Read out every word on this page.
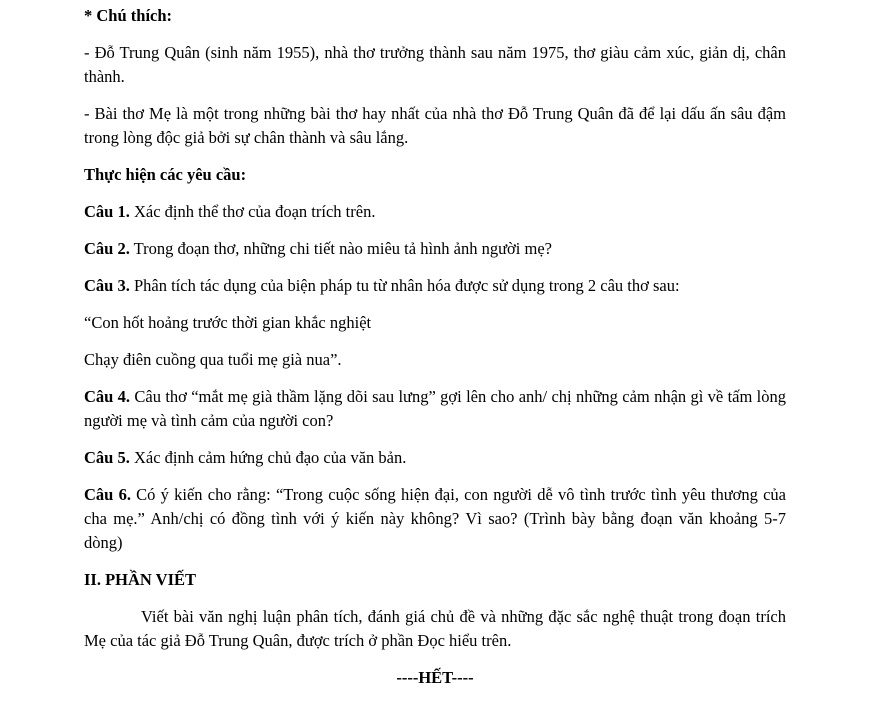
* Chú thích:

- Đỗ Trung Quân (sinh năm 1955), nhà thơ trưởng thành sau năm 1975, thơ giàu cảm xúc, giản dị, chân thành.

- Bài thơ Mẹ là một trong những bài thơ hay nhất của nhà thơ Đỗ Trung Quân đã để lại dấu ấn sâu đậm trong lòng độc giả bởi sự chân thành và sâu lắng.

Thực hiện các yêu cầu:

Câu 1. Xác định thể thơ của đoạn trích trên.

Câu 2. Trong đoạn thơ, những chi tiết nào miêu tả hình ảnh người mẹ?

Câu 3. Phân tích tác dụng của biện pháp tu từ nhân hóa được sử dụng trong 2 câu thơ sau:

“Con hốt hoảng trước thời gian khắc nghiệt

Chạy điên cuồng qua tuổi mẹ già nua”.

Câu 4. Câu thơ “mắt mẹ già thầm lặng dõi sau lưng” gợi lên cho anh/ chị những cảm nhận gì về tấm lòng người mẹ và tình cảm của người con?

Câu 5. Xác định cảm hứng chủ đạo của văn bản.

Câu 6. Có ý kiến cho rằng: “Trong cuộc sống hiện đại, con người dễ vô tình trước tình yêu thương của cha mẹ.” Anh/chị có đồng tình với ý kiến này không? Vì sao? (Trình bày bằng đoạn văn khoảng 5-7 dòng)

II. PHẦN VIẾT

Viết bài văn nghị luận phân tích, đánh giá chủ đề và những đặc sắc nghệ thuật trong đoạn trích Mẹ của tác giả Đỗ Trung Quân, được trích ở phần Đọc hiểu trên.

----HẾT----
